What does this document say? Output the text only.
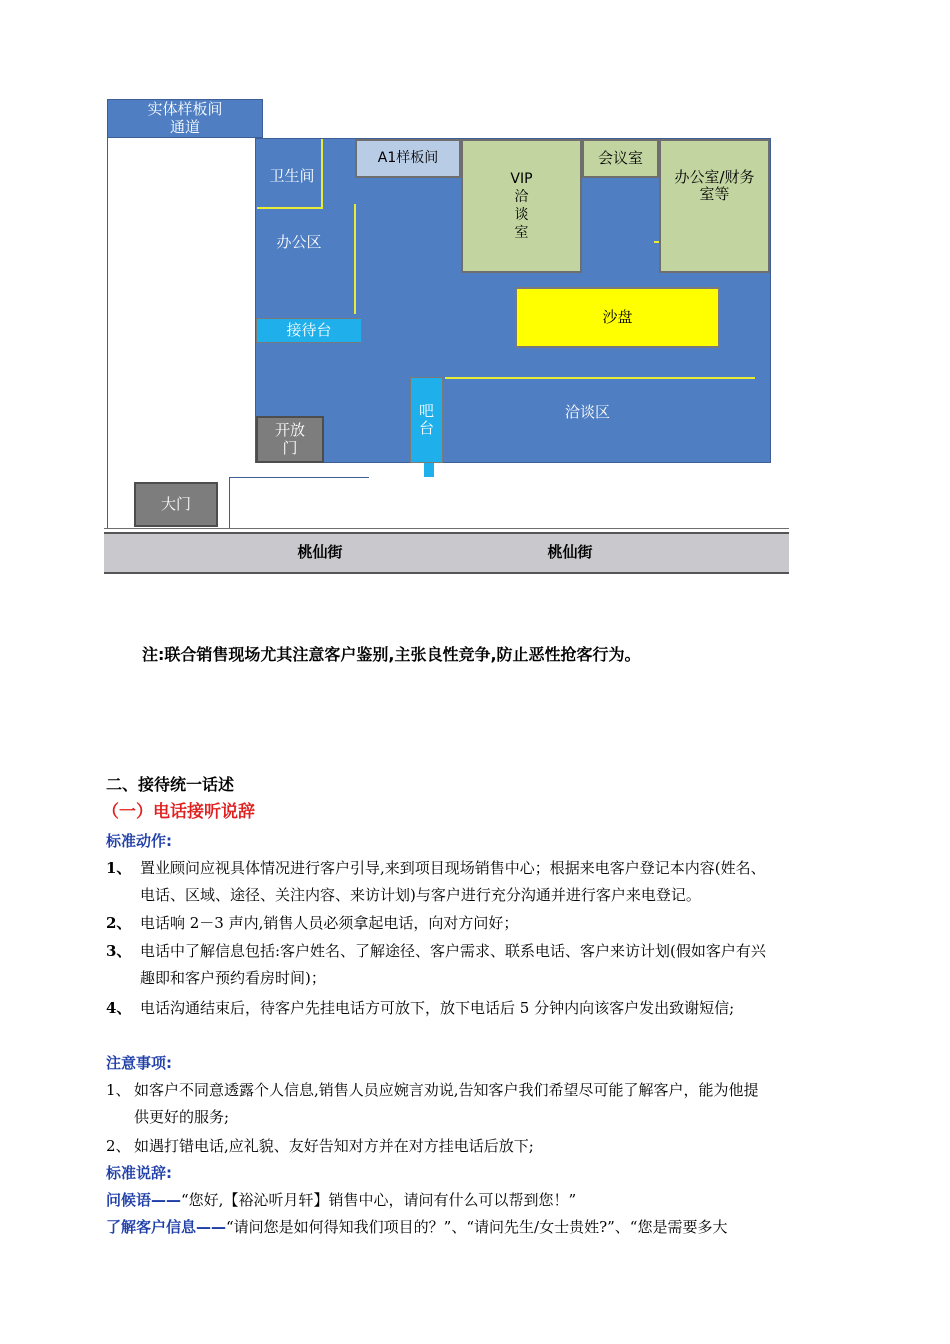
实体样板间
通道
卫生间
A1样板间
办公区
VIP
洽
谈
室
会议室
办公室/财务
室等
沙盘
接待台
吧
台
洽谈区
开放
门
大门
桃仙街	桃仙街
注:联合销售现场尤其注意客户鉴别,主张良性竞争,防止恶性抢客行为。
二、接待统一话述
（一）电话接听说辞
标准动作:
1、 置业顾问应视具体情况进行客户引导,来到项目现场销售中心；根据来电客户登记本内容(姓名、
电话、区域、途径、关注内容、来访计划)与客户进行充分沟通并进行客户来电登记。
2、 电话响 2－3 声内,销售人员必须拿起电话，向对方问好；
3、 电话中了解信息包括:客户姓名、了解途径、客户需求、联系电话、客户来访计划(假如客户有兴
趣即和客户预约看房时间)；
4、 电话沟通结束后，待客户先挂电话方可放下，放下电话后 5 分钟内向该客户发出致谢短信;
注意事项:
1、 如客户不同意透露个人信息,销售人员应婉言劝说,告知客户我们希望尽可能了解客户，能为他提
供更好的服务;
2、 如遇打错电话,应礼貌、友好告知对方并在对方挂电话后放下;
标准说辞:
问候语——“您好,【裕沁听月轩】销售中心，请问有什么可以帮到您！”
了解客户信息——“请问您是如何得知我们项目的？”、“请问先生/女士贵姓?”、“您是需要多大
